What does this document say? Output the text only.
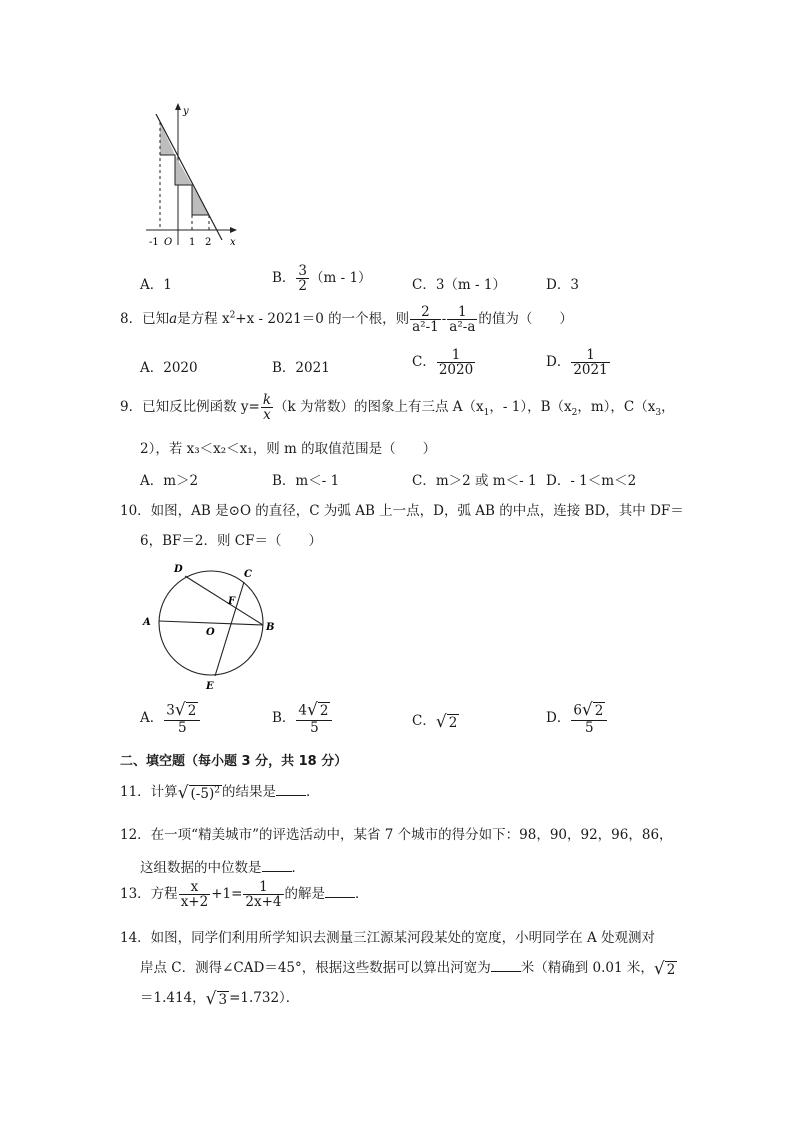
y
x
-1 O 1 2
A．1	B． $\frac{3}{2} (m - 1)$	C．3（m - 1）	D．3
8．已知a是方程 $x^2+x - 2021=0$ 的一个根，则 $\frac{2}{\text{a²-1}} - \frac{1}{\text{a²-a}}$ 的值为（　　）
A．2020	B．2021	C． $\frac{1}{2020}$	D． $\frac{1}{2021}$
9．已知反比例函数 $y= \frac{k}{x} (k$ 为常数）的图象上有三点 $A(x_1$，- 1），$B(x_2$，m），$C(x_3$，
2），若 x₃＜x₂＜x₁，则 m 的取值范围是（　　）
A．m＞2	B．m＜- 1	C．m＞2 或 m＜- 1 D．- 1＜m＜2
10．如图，AB 是⊙O 的直径，C 为弧 AB 上一点，D，弧 AB 的中点，连接 BD，其中 DF＝
6，BF＝2．则 CF＝（　　）
D	C
F
A
O	B
E
A． $\frac{3√ 2}{5}$	B． $\frac{4√ 2}{5}$	C．√ 2	D． $\frac{6√ 2}{5}$
二、填空题（每小题 3 分，共 18 分）
11．计算√ $(-5)^2$ 的结果是 ．
12．在一项“精美城市”的评选活动中，某省 7 个城市的得分如下：98，90，92，96，86，
这组数据的中位数是 ．
13．方程 $\frac{x}{x+2} +1= \frac{1}{2x+4}$ 的解是 ．
14．如图，同学们利用所学知识去测量三江源某河段某处的宽度，小明同学在 A 处观测对
岸点 C．测得∠CAD＝45°，根据这些数据可以算出河宽为 米（精确到 0.01 米，√ 2
＝1.414，√ 3 =1.732）．
